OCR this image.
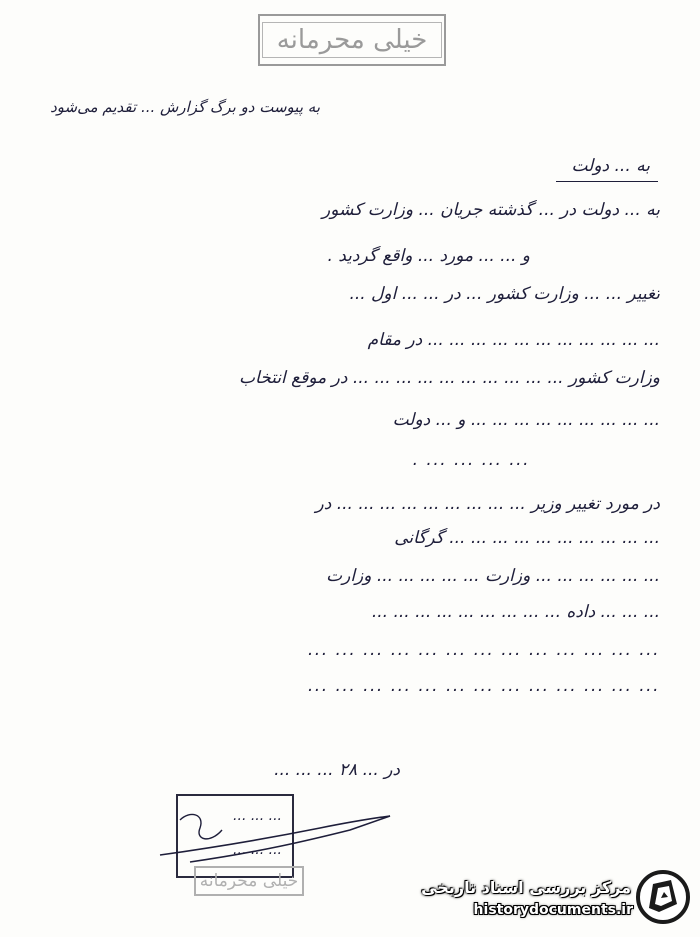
خیلی محرمانه
به پیوست دو برگ گزارش ... تقدیم می‌شود
به ... دولت
به ... دولت در ... گذشته جریان ... وزارت کشور
و ... ... مورد ... واقع گردید .
تغییر ... ... وزارت کشور ... در ... ... اول ...
... ... ... ... ... ... ... ... ... ... ... در مقام
وزارت کشور ... ... ... ... ... ... ... ... ... ... در موقع انتخاب
... ... ... ... ... ... ... ... ... و ... دولت
... ... ... ... .
در مورد تغییر وزیر ... ... ... ... ... ... ... ... ... در
... ... ... ... ... ... ... ... ... ... گرگانی
... ... ... ... ... ... وزارت ... ... ... ... ... وزارت
... ... ... داده ... ... ... ... ... ... ... ... ...
... ... ... ... ... ... ... ... ... ... ... ... ...
... ... ... ... ... ... ... ... ... ... ... ... ...
در ... ۲۸ ... ... ...
... ... ...
... ... ...
خیلی محرمانه	مرکز بررسی اسناد تاریخی
historydocuments.ir
